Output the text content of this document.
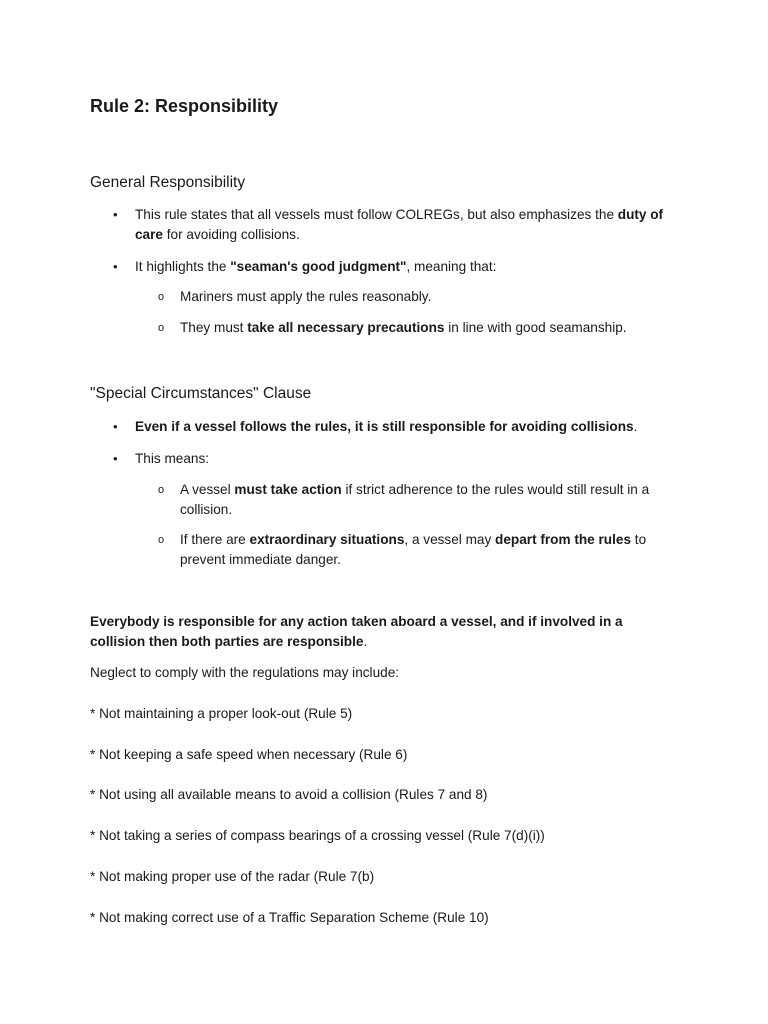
Rule 2: Responsibility
General Responsibility
• This rule states that all vessels must follow COLREGs, but also emphasizes the duty of care for avoiding collisions.

• It highlights the "seaman's good judgment", meaning that:

o Mariners must apply the rules reasonably.

o They must take all necessary precautions in line with good seamanship.

"Special Circumstances" Clause
• Even if a vessel follows the rules, it is still responsible for avoiding collisions.

• This means:

o A vessel must take action if strict adherence to the rules would still result in a collision.

o If there are extraordinary situations, a vessel may depart from the rules to prevent immediate danger.

Everybody is responsible for any action taken aboard a vessel, and if involved in a collision then both parties are responsible.

Neglect to comply with the regulations may include:

* Not maintaining a proper look-out (Rule 5)

* Not keeping a safe speed when necessary (Rule 6)

* Not using all available means to avoid a collision (Rules 7 and 8)

* Not taking a series of compass bearings of a crossing vessel (Rule 7(d)(i))

* Not making proper use of the radar (Rule 7(b)

* Not making correct use of a Traffic Separation Scheme (Rule 10)
